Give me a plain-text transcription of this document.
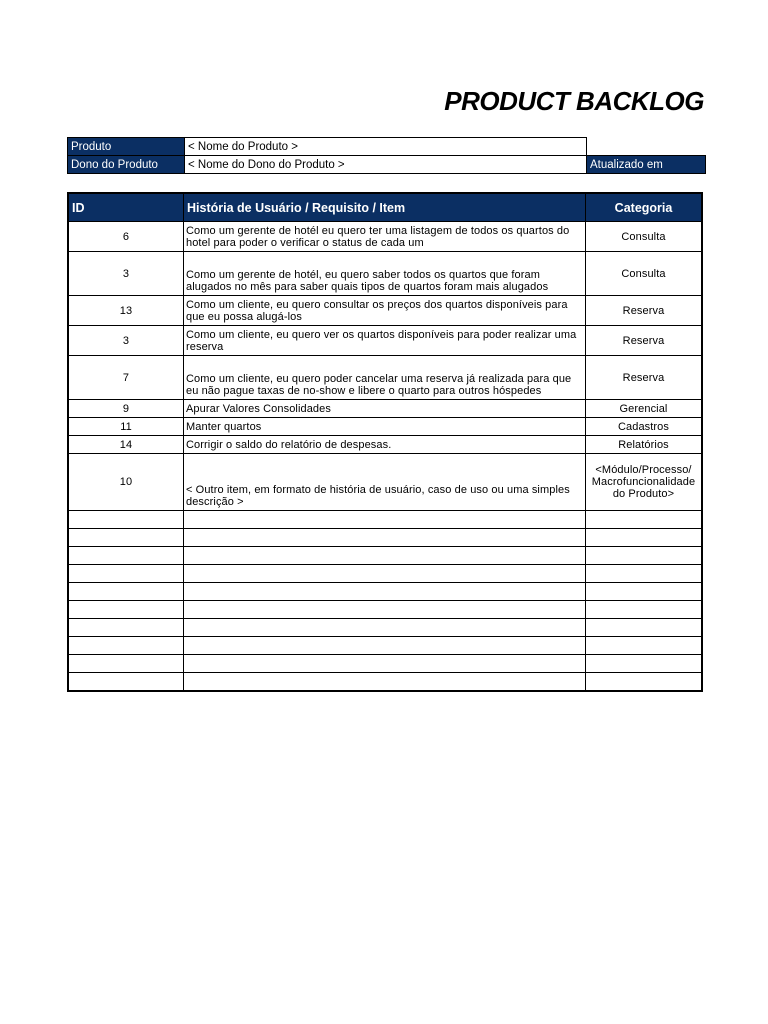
PRODUCT BACKLOG
Produto	< Nome do Produto >	
Dono do Produto	< Nome do Dono do Produto >	Atualizado em
ID	História de Usuário / Requisito / Item	Categoria
6	Como um gerente de hotél eu quero ter uma listagem de todos os quartos do hotel para poder o verificar o status de cada um	Consulta
3	Como um gerente de hotél, eu quero saber todos os quartos que foram alugados no mês para saber quais tipos de quartos foram mais alugados	Consulta
13	Como um cliente, eu quero consultar os preços dos quartos disponíveis para que eu possa alugá-los	Reserva
3	Como um cliente, eu quero ver os quartos disponíveis para poder realizar uma reserva	Reserva
7	Como um cliente, eu quero poder cancelar uma reserva já realizada para que eu não pague taxas de no-show e libere o quarto para outros hóspedes	Reserva
9	Apurar Valores Consolidades	Gerencial
11	Manter quartos	Cadastros
14	Corrigir o saldo do relatório de despesas.	Relatórios
10	< Outro item, em formato de história de usuário, caso de uso ou uma simples descrição >	<Módulo/Processo/ Macrofuncionalidade do Produto>
